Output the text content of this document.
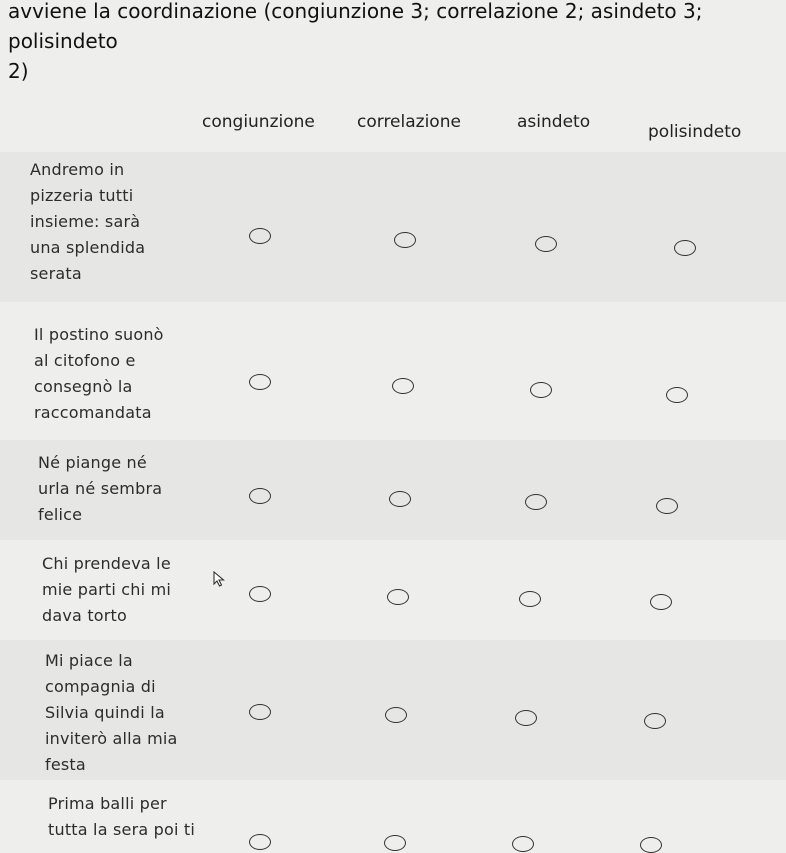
avviene la coordinazione (congiunzione 3; correlazione 2; asindeto 3; polisindeto
2)
congiunzione correlazione	asindeto	polisindeto
Andremo in
pizzeria tutti
insieme: sarà
una splendida
serata
Il postino suonò
al citofono e
consegnò la
raccomandata
Né piange né
urla né sembra
felice
Chi prendeva le
mie parti chi mi
dava torto
Mi piace la
compagnia di
Silvia quindi la
inviterò alla mia
festa
Prima balli per
tutta la sera poi ti
